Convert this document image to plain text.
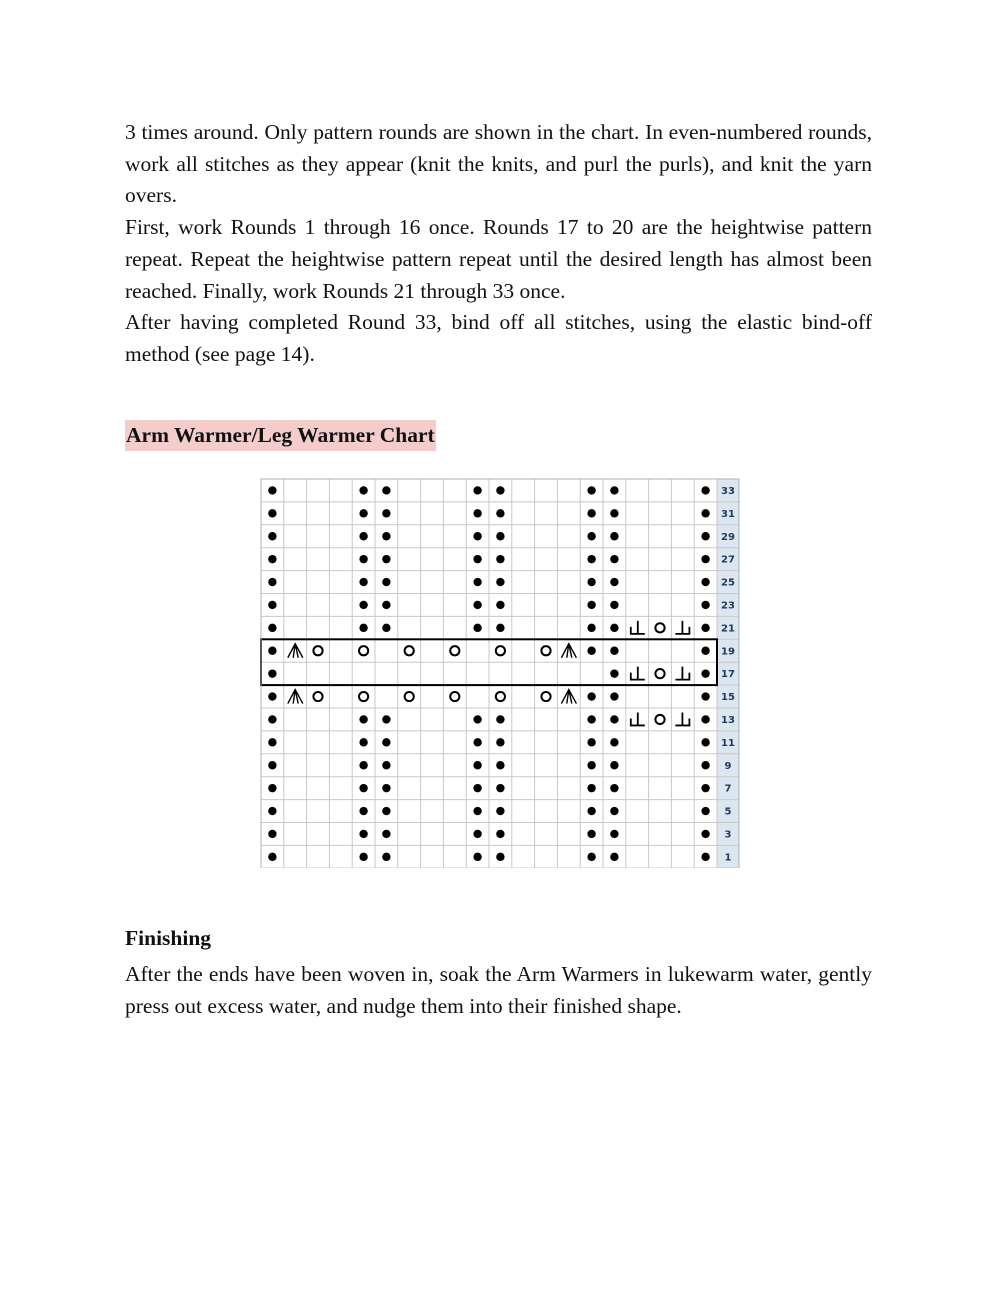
3 times around. Only pattern rounds are shown in the chart. In even-numbered rounds, work all stitches as they appear (knit the knits, and purl the purls), and knit the yarn overs.

First, work Rounds 1 through 16 once. Rounds 17 to 20 are the heightwise pattern repeat. Repeat the heightwise pattern repeat until the desired length has almost been reached. Finally, work Rounds 21 through 33 once.

After having completed Round 33, bind off all stitches, using the elastic bind-off method (see page 14).

Arm Warmer/Leg Warmer Chart
33
31
29
27
25
23
21
19
17
15
13
11
9
7
5
3
1
Finishing

After the ends have been woven in, soak the Arm Warmers in lukewarm water, gently press out excess water, and nudge them into their finished shape.
